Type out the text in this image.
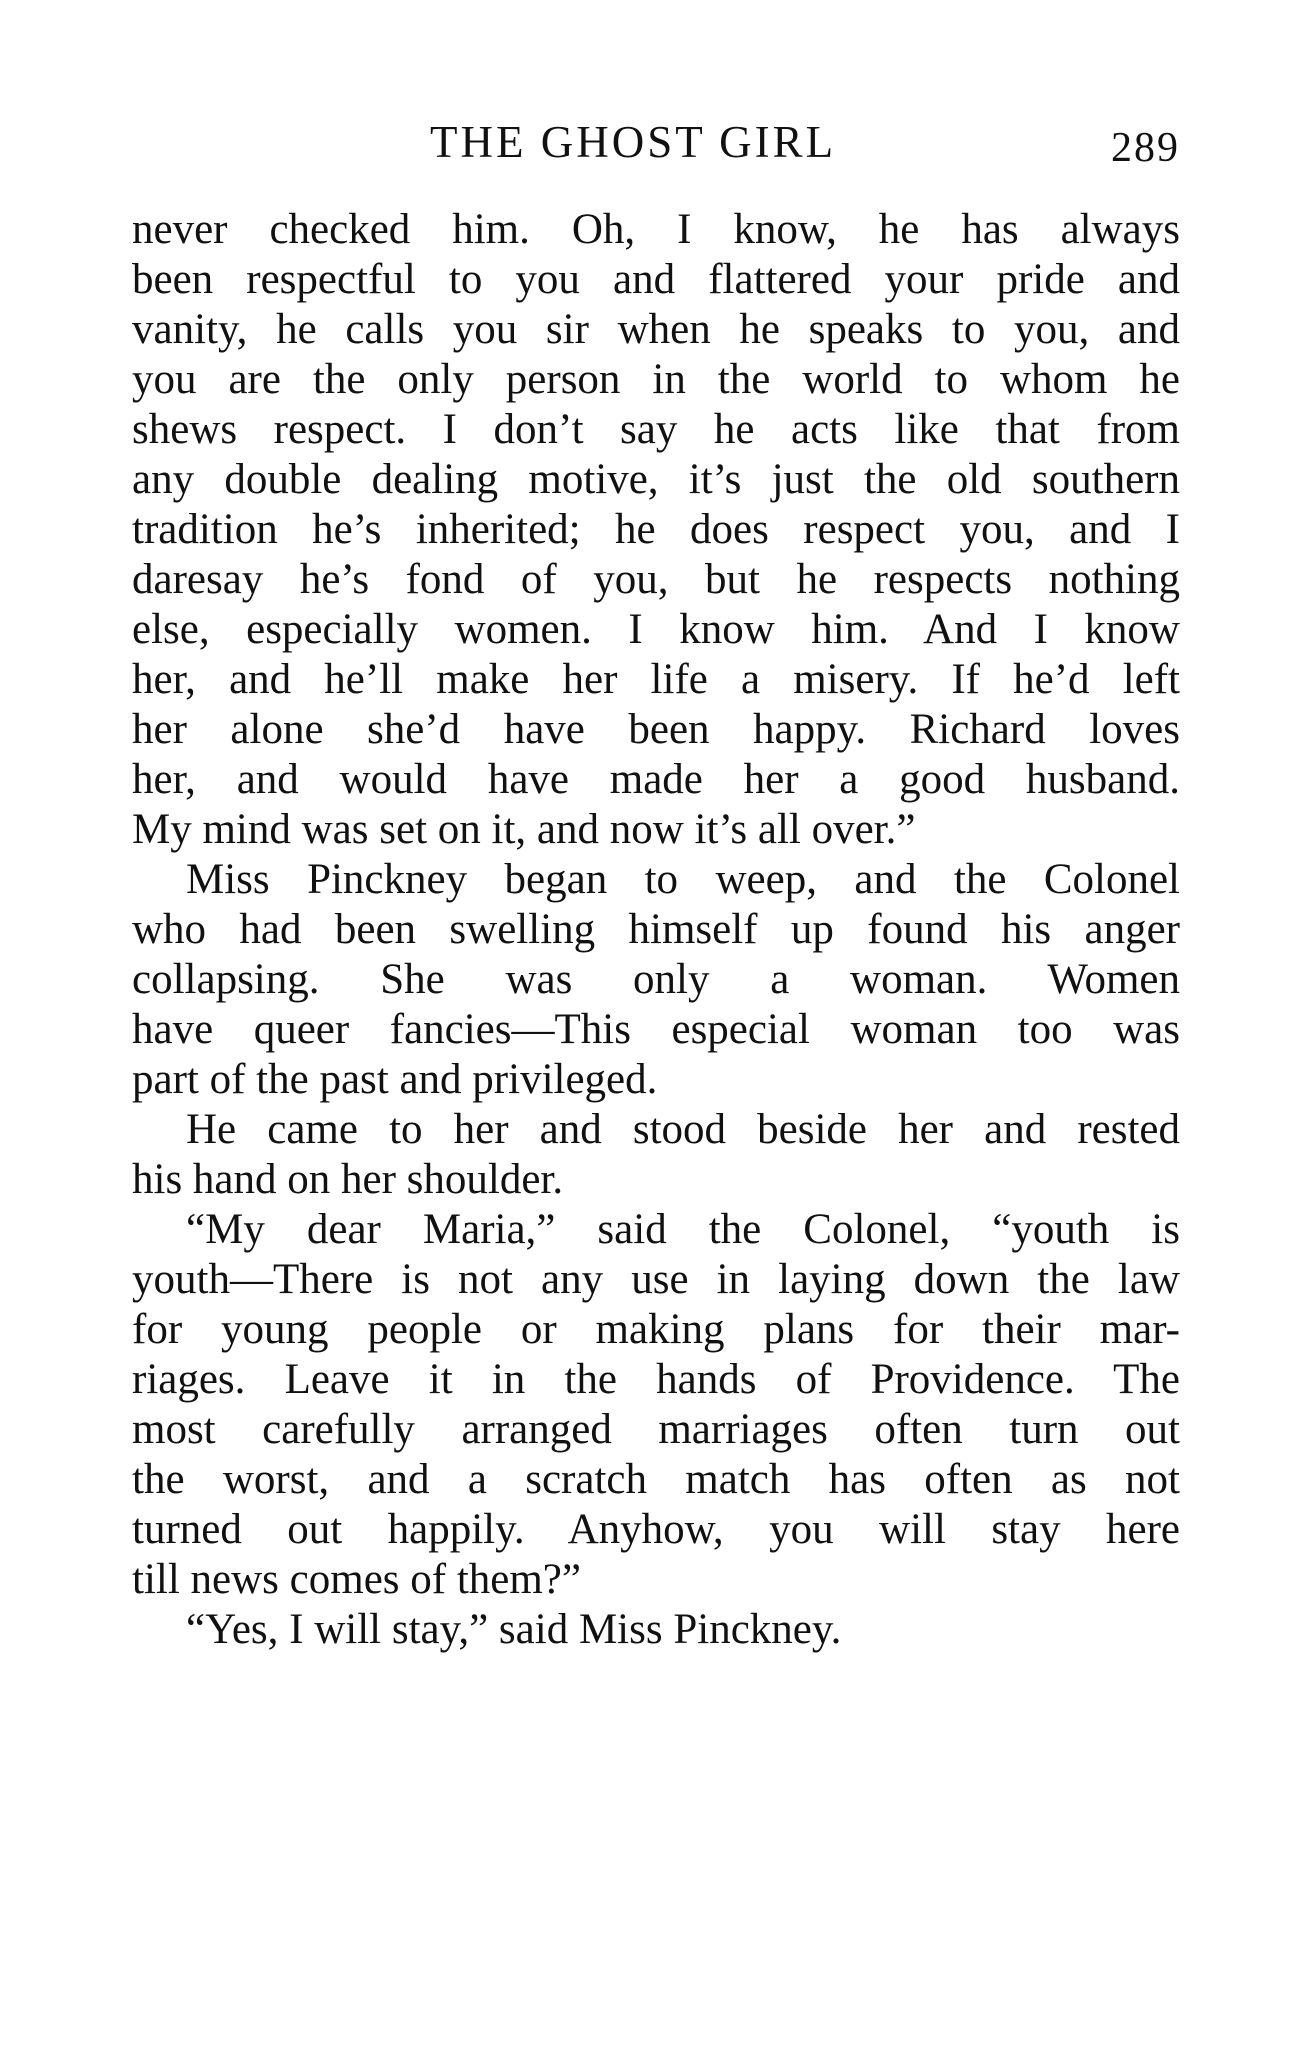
THE GHOST GIRL	289
never checked him. Oh, I know, he has always
been respectful to you and flattered your pride and
vanity, he calls you sir when he speaks to you, and
you are the only person in the world to whom he
shews respect. I don’t say he acts like that from
any double dealing motive, it’s just the old southern
tradition he’s inherited; he does respect you, and I
daresay he’s fond of you, but he respects nothing
else, especially women. I know him. And I know
her, and he’ll make her life a misery. If he’d left
her alone she’d have been happy. Richard loves
her, and would have made her a good husband.
My mind was set on it, and now it’s all over.”
Miss Pinckney began to weep, and the Colonel
who had been swelling himself up found his anger
collapsing. She was only a woman. Women
have queer fancies—This especial woman too was
part of the past and privileged.
He came to her and stood beside her and rested
his hand on her shoulder.
“My dear Maria,” said the Colonel, “youth is
youth—There is not any use in laying down the law
for young people or making plans for their mar-
riages. Leave it in the hands of Providence. The
most carefully arranged marriages often turn out
the worst, and a scratch match has often as not
turned out happily. Anyhow, you will stay here
till news comes of them?”
“Yes, I will stay,” said Miss Pinckney.
